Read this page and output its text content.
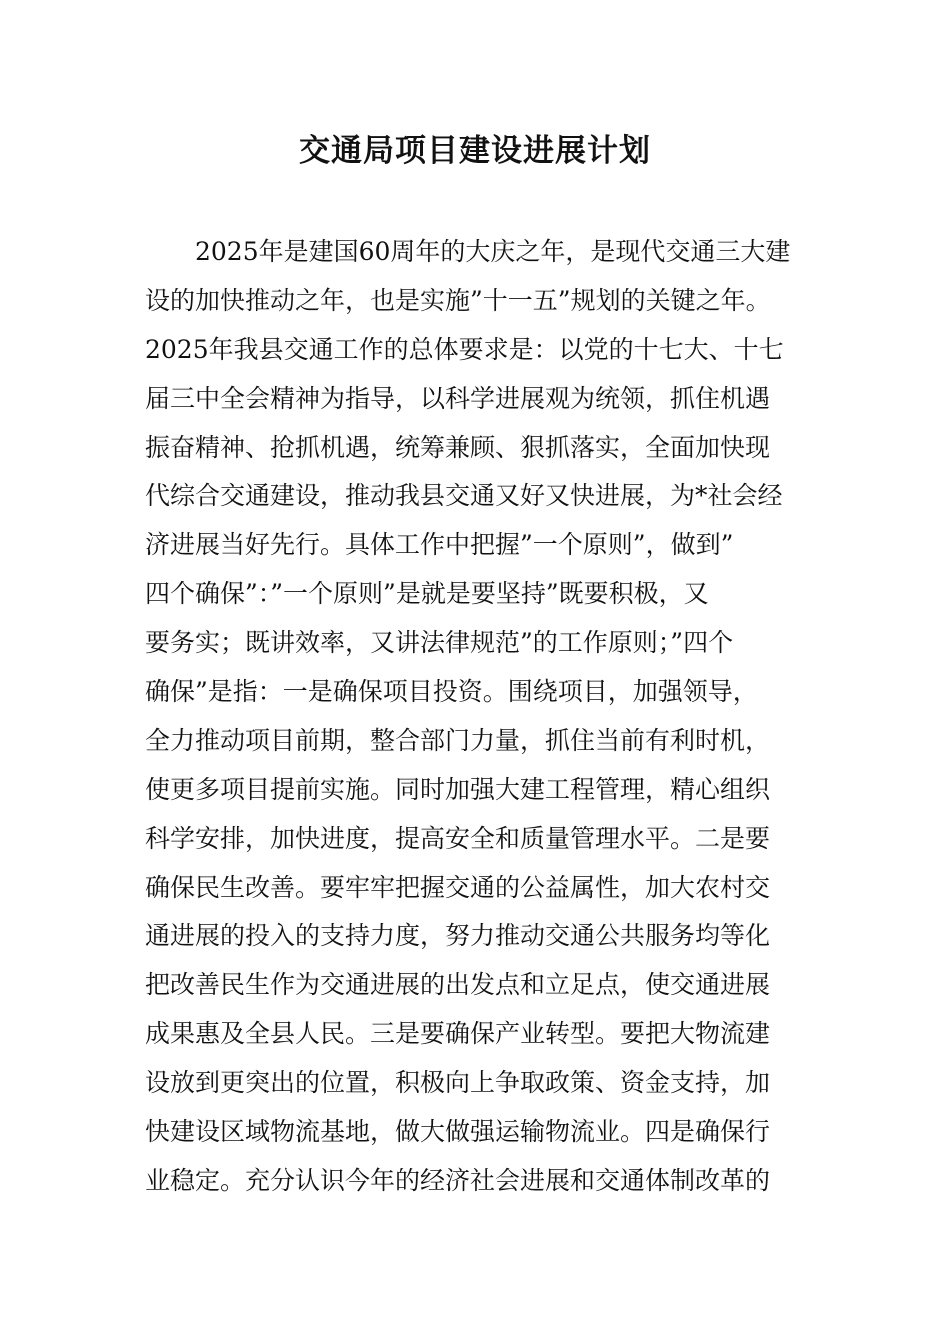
交通局项目建设进展计划
2025年是建国60周年的大庆之年，是现代交通三大建
设的加快推动之年，也是实施”十一五”规划的关键之年。
2025年我县交通工作的总体要求是：以党的十七大、十七
届三中全会精神为指导，以科学进展观为统领，抓住机遇
振奋精神、抢抓机遇，统筹兼顾、狠抓落实，全面加快现
代综合交通建设，推动我县交通又好又快进展，为*社会经
济进展当好先行。具体工作中把握”一个原则”，做到”
四个确保”：”一个原则”是就是要坚持”既要积极，又
要务实；既讲效率，又讲法律规范”的工作原则；”四个
确保”是指：一是确保项目投资。围绕项目，加强领导，
全力推动项目前期，整合部门力量，抓住当前有利时机，
使更多项目提前实施。同时加强大建工程管理，精心组织
科学安排，加快进度，提高安全和质量管理水平。二是要
确保民生改善。要牢牢把握交通的公益属性，加大农村交
通进展的投入的支持力度，努力推动交通公共服务均等化
把改善民生作为交通进展的出发点和立足点，使交通进展
成果惠及全县人民。三是要确保产业转型。要把大物流建
设放到更突出的位置，积极向上争取政策、资金支持，加
快建设区域物流基地，做大做强运输物流业。四是确保行
业稳定。充分认识今年的经济社会进展和交通体制改革的
